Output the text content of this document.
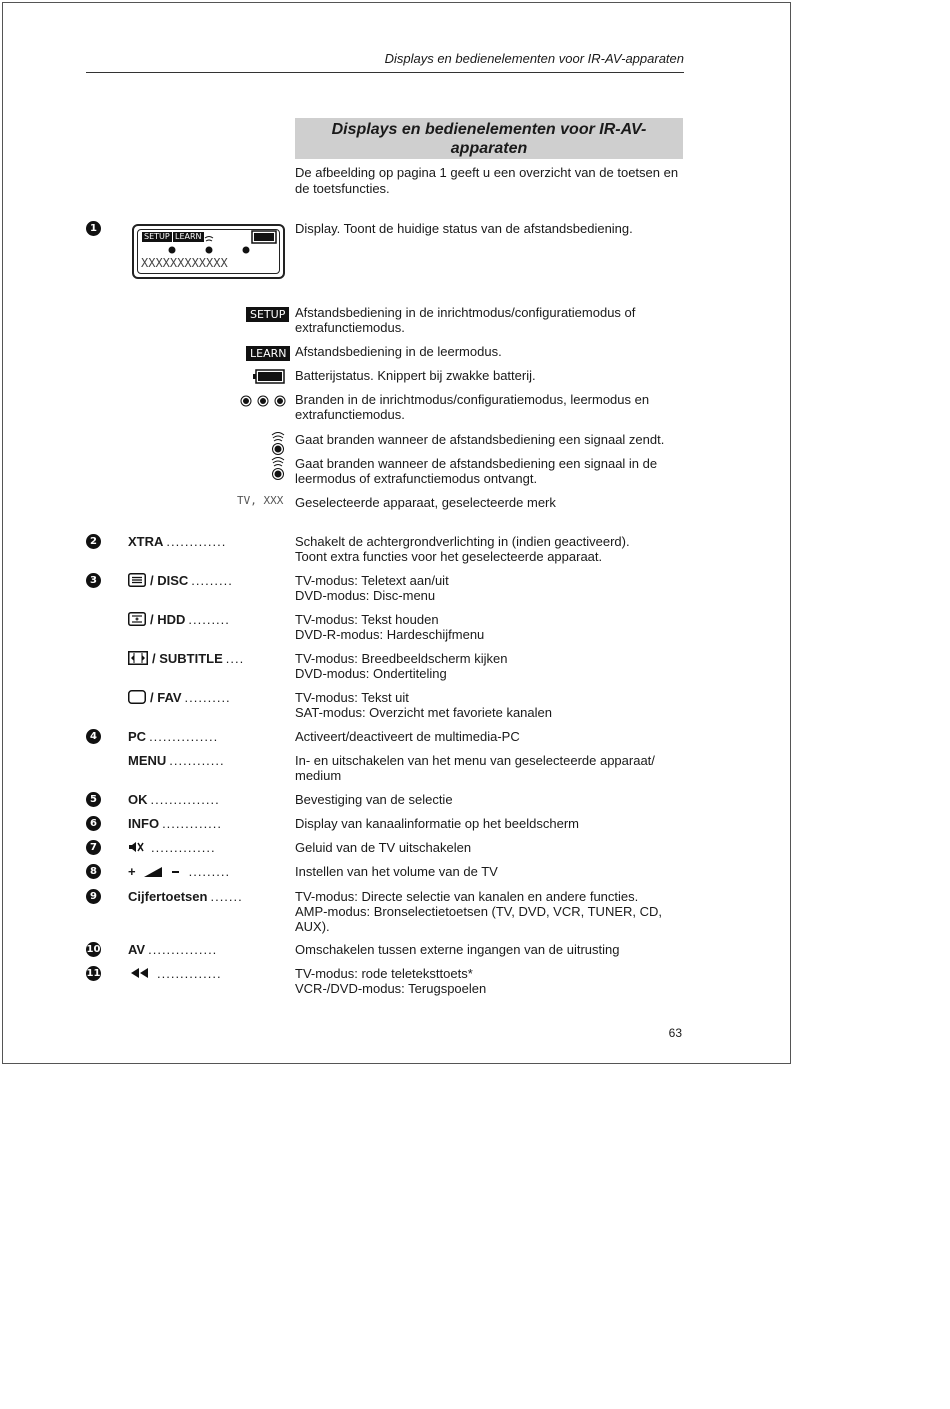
Displays en bedienelementen voor IR-AV-apparaten
Displays en bedienelementen voor IR-AV-
apparaten
De afbeelding op pagina 1 geeft u een overzicht van de toetsen en de toetsfuncties.
1
SETUP LEARN
XXXXXXXXXXXX
Display. Toont de huidige status van de afstandsbediening.
SETUP Afstandsbediening in de inrichtmodus/configuratiemodus of
extrafunctiemodus.
LEARN Afstandsbediening in de leermodus.
Batterijstatus. Knippert bij zwakke batterij.
Branden in de inrichtmodus/configuratiemodus, leermodus en
extrafunctiemodus.
Gaat branden wanneer de afstandsbediening een signaal zendt.
Gaat branden wanneer de afstandsbediening een signaal in de
leermodus of extrafunctiemodus ontvangt.
TV, XXX Geselecteerde apparaat, geselecteerde merk
2	XTRA .............	Schakelt de achtergrondverlichting in (indien geactiveerd).
Toont extra functies voor het geselecteerde apparaat.
3	/ DISC .........	TV-modus: Teletext aan/uit
DVD-modus: Disc-menu
/ HDD .........	TV-modus: Tekst houden
DVD-R-modus: Hardeschijfmenu
/ SUBTITLE ....	TV-modus: Breedbeeldscherm kijken
DVD-modus: Ondertiteling
/ FAV ..........	TV-modus: Tekst uit
SAT-modus: Overzicht met favoriete kanalen
4	PC ...............	Activeert/deactiveert de multimedia-PC
MENU ............	In- en uitschakelen van het menu van geselecteerde apparaat/
medium
5	OK ...............	Bevestiging van de selectie
6	INFO .............	Display van kanaalinformatie op het beeldscherm
7	..............	Geluid van de TV uitschakelen
8	+	.........	Instellen van het volume van de TV
9	Cijfertoetsen .......	TV-modus: Directe selectie van kanalen en andere functies.
AMP-modus: Bronselectietoetsen (TV, DVD, VCR, TUNER, CD,
AUX).
10 AV ...............	Omschakelen tussen externe ingangen van de uitrusting
11	..............	TV-modus: rode teleteksttoets*
VCR-/DVD-modus: Terugspoelen
63
